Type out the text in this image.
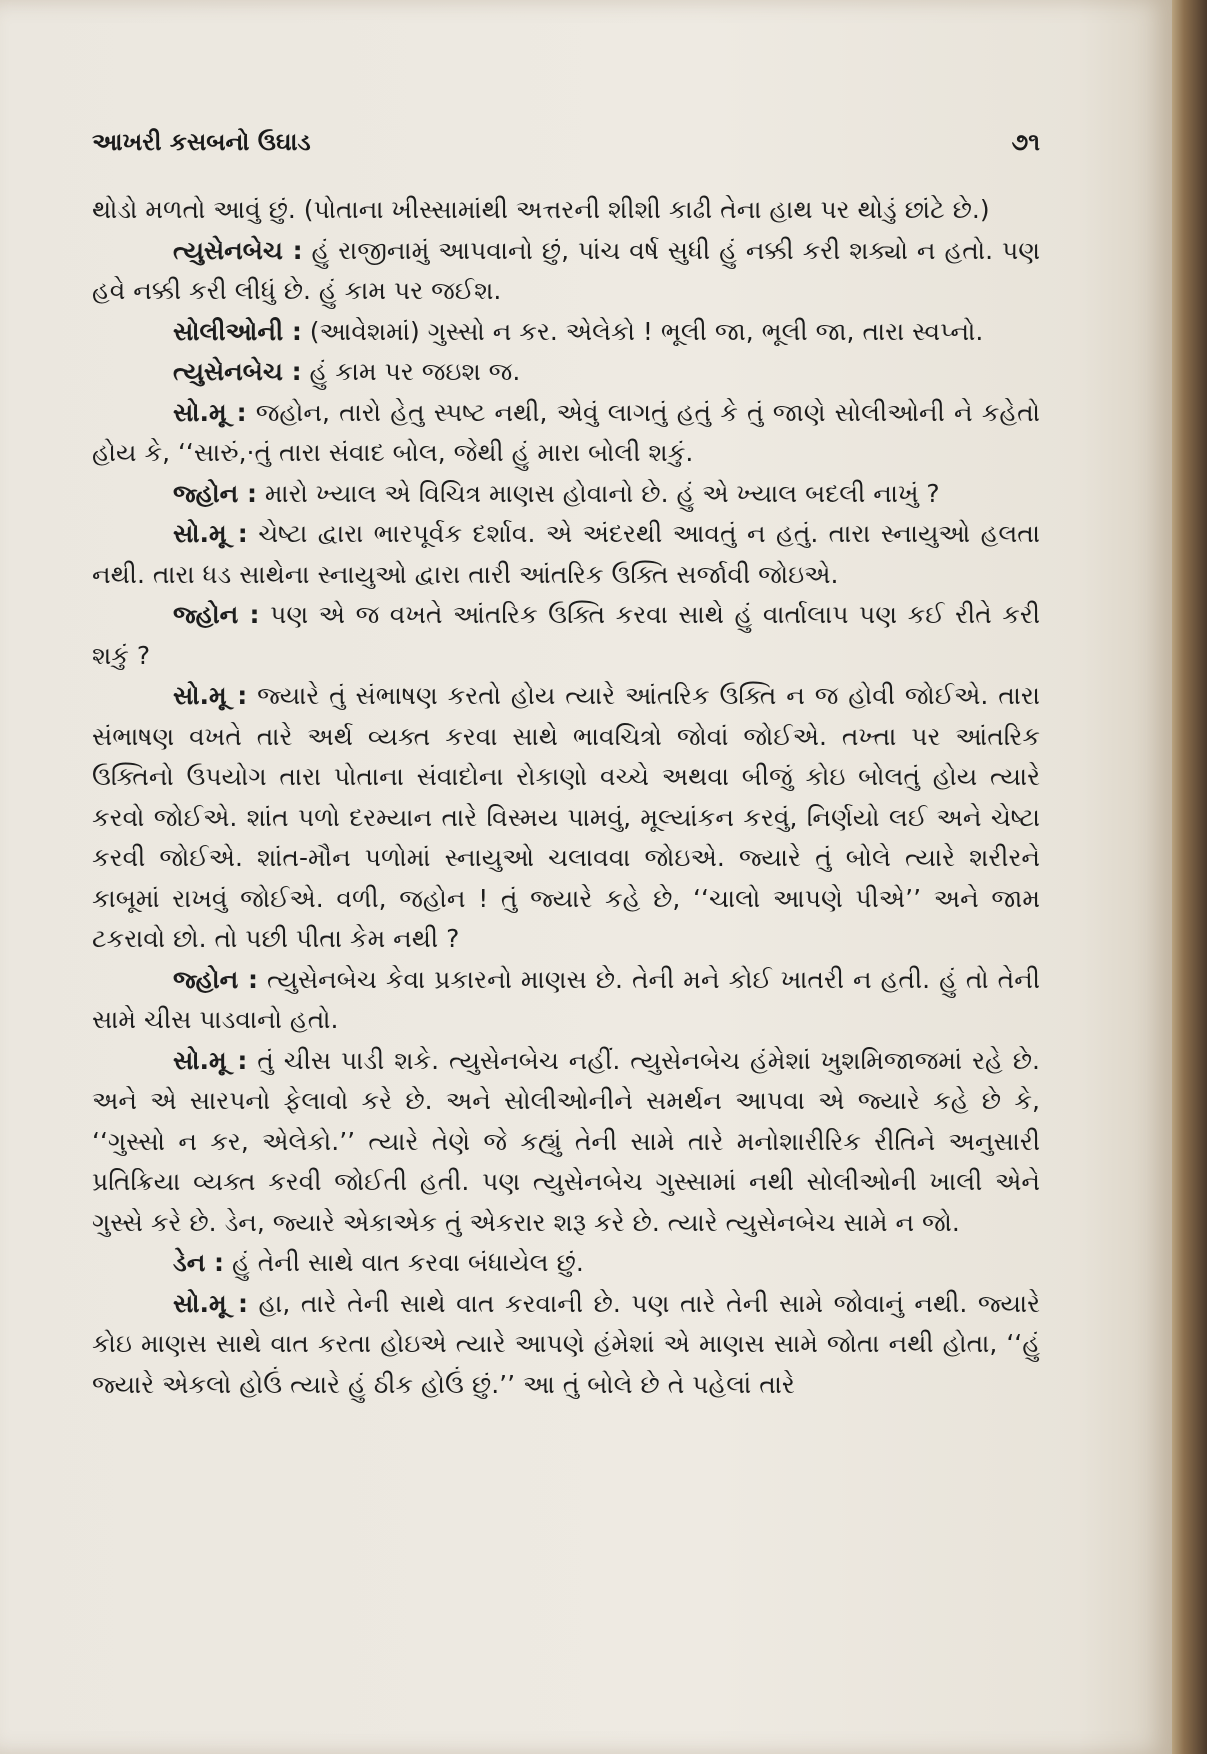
આખરી કસબનો ઉઘાડ	૭૧

થોડો મળતો આવું છું. (પોતાના ખીસ્સામાંથી અત્તરની શીશી કાઢી તેના હાથ પર થોડું છાંટે છે.)

ત્યુસેનબેચ : હું રાજીનામું આપવાનો છું, પાંચ વર્ષ સુધી હું નક્કી કરી શક્યો ન હતો. પણ હવે નક્કી કરી લીધું છે. હું કામ પર જઈશ.

સોલીઓની : (આવેશમાં) ગુસ્સો ન કર. એલેકો ! ભૂલી જા, ભૂલી જા, તારા સ્વપ્નો.

ત્યુસેનબેચ : હું કામ પર જઇશ જ.

સો.મૂ : જહોન, તારો હેતુ સ્પષ્ટ નથી, એવું લાગતું હતું કે તું જાણે સોલીઓની ને કહેતો હોય કે, ‘‘સારું,·તું તારા સંવાદ બોલ, જેથી હું મારા બોલી શકું.

જ્હોન : મારો ખ્યાલ એ વિચિત્ર માણસ હોવાનો છે. હું એ ખ્યાલ બદલી નાખું ?

સો.મૂ : ચેષ્ટા દ્વારા ભારપૂર્વક દર્શાવ. એ અંદરથી આવતું ન હતું. તારા સ્નાયુઓ હલતા નથી. તારા ધડ સાથેના સ્નાયુઓ દ્વારા તારી આંતરિક ઉક્તિ સર્જાવી જોઇએ.

જ્હોન : પણ એ જ વખતે આંતરિક ઉક્તિ કરવા સાથે હું વાર્તાલાપ પણ કઈ રીતે કરી શકું ?

સો.મૂ : જ્યારે તું સંભાષણ કરતો હોય ત્યારે આંતરિક ઉક્તિ ન જ હોવી જોઈએ. તારા સંભાષણ વખતે તારે અર્થ વ્યક્ત કરવા સાથે ભાવચિત્રો જોવાં જોઈએ. તખ્તા પર આંતરિક ઉક્તિનો ઉપયોગ તારા પોતાના સંવાદોના રોકાણો વચ્ચે અથવા બીજું કોઇ બોલતું હોય ત્યારે કરવો જોઈએ. શાંત પળો દરમ્યાન તારે વિસ્મય પામવું, મૂલ્યાંકન કરવું, નિર્ણયો લઈ અને ચેષ્ટા કરવી જોઈએ. શાંત-મૌન પળોમાં સ્નાયુઓ ચલાવવા જોઇએ. જ્યારે તું બોલે ત્યારે શરીરને કાબૂમાં રાખવું જોઈએ. વળી, જહોન ! તું જ્યારે કહે છે, ‘‘ચાલો આપણે પીએ’’ અને જામ ટકરાવો છો. તો પછી પીતા કેમ નથી ?

જ્હોન : ત્યુસેનબેચ કેવા પ્રકારનો માણસ છે. તેની મને કોઈ ખાતરી ન હતી. હું તો તેની સામે ચીસ પાડવાનો હતો.

સો.મૂ : તું ચીસ પાડી શકે. ત્યુસેનબેચ નહીં. ત્યુસેનબેચ હંમેશાં ખુશમિજાજમાં રહે છે. અને એ સારપનો ફેલાવો કરે છે. અને સોલીઓનીને સમર્થન આપવા એ જ્યારે કહે છે કે, ‘‘ગુસ્સો ન કર, એલેકો.’’ ત્યારે તેણે જે કહ્યું તેની સામે તારે મનોશારીરિક રીતિને અનુસારી પ્રતિક્રિયા વ્યક્ત કરવી જોઈતી હતી. પણ ત્યુસેનબેચ ગુસ્સામાં નથી સોલીઓની ખાલી એને ગુસ્સે કરે છે. ડેન, જ્યારે એકાએક તું એકરાર શરૂ કરે છે. ત્યારે ત્યુસેનબેચ સામે ન જો.

ડેન : હું તેની સાથે વાત કરવા બંધાયેલ છું.

સો.મૂ : હા, તારે તેની સાથે વાત કરવાની છે. પણ તારે તેની સામે જોવાનું નથી. જ્યારે કોઇ માણસ સાથે વાત કરતા હોઇએ ત્યારે આપણે હંમેશાં એ માણસ સામે જોતા નથી હોતા, ‘‘હું જ્યારે એકલો હોઉં ત્યારે હું ઠીક હોઉં છું.’’ આ તું બોલે છે તે પહેલાં તારે
